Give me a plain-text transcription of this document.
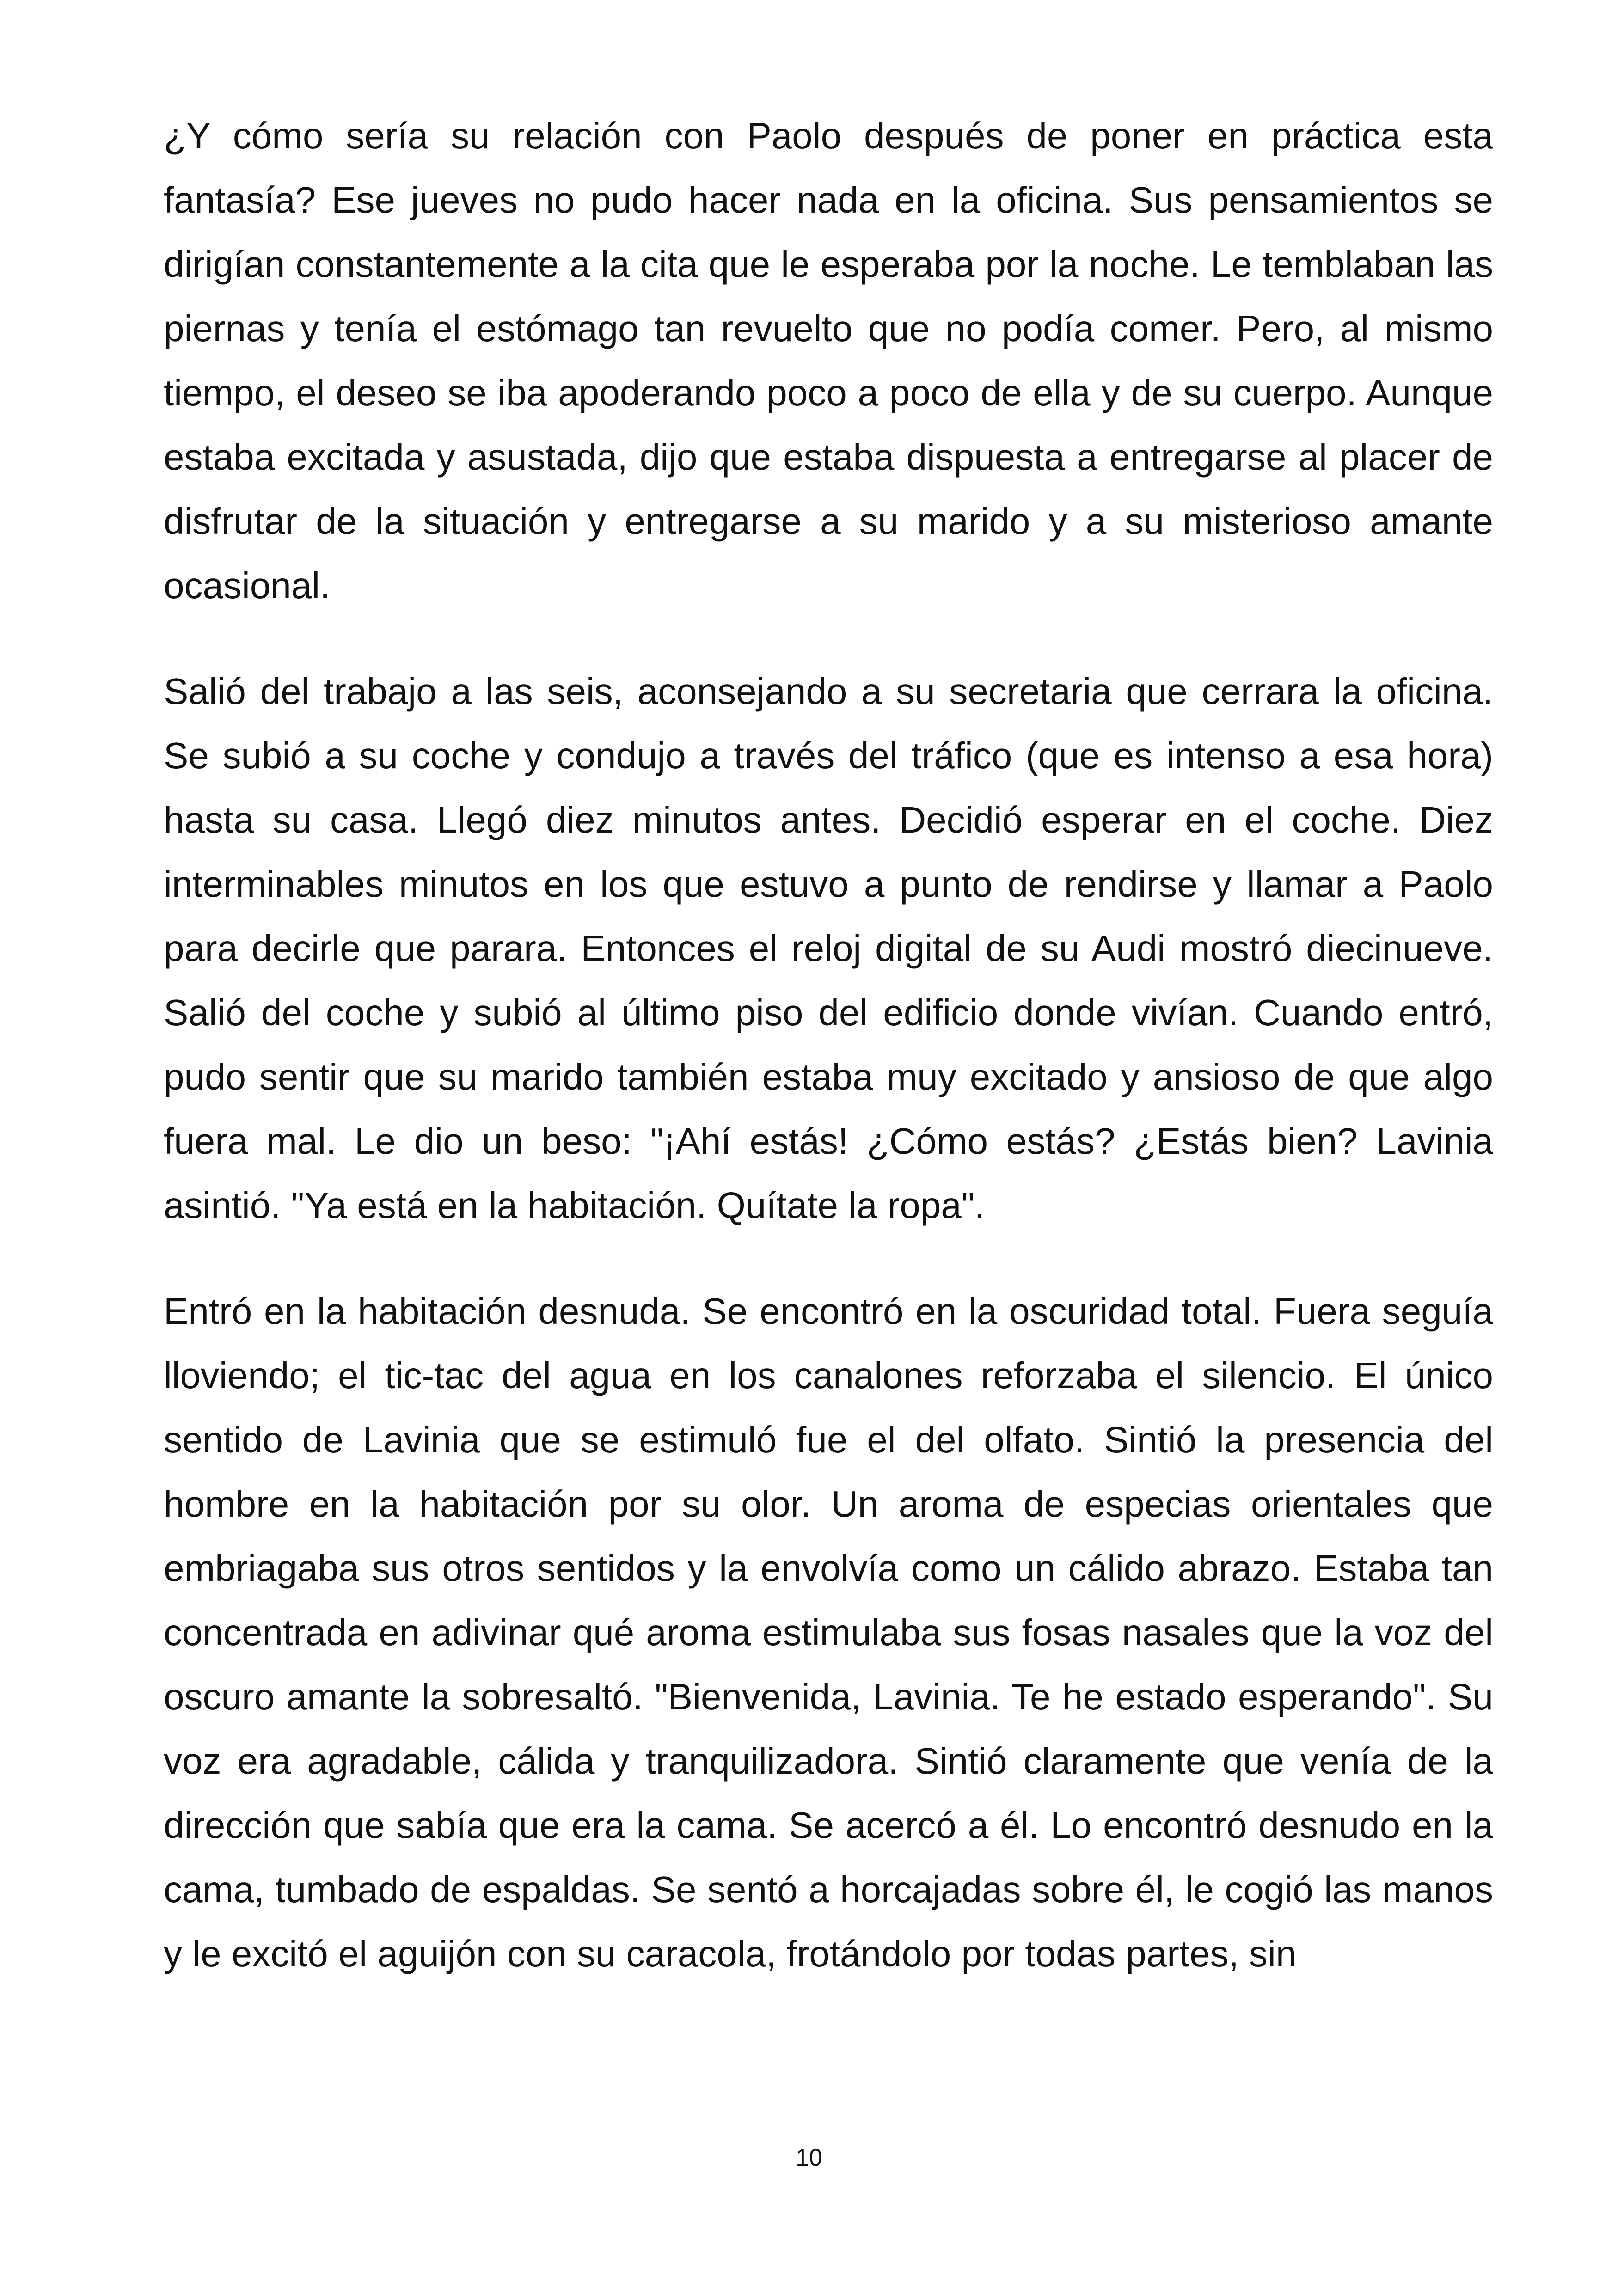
¿Y cómo sería su relación con Paolo después de poner en práctica esta fantasía? Ese jueves no pudo hacer nada en la oficina. Sus pensamientos se dirigían constantemente a la cita que le esperaba por la noche. Le temblaban las piernas y tenía el estómago tan revuelto que no podía comer. Pero, al mismo tiempo, el deseo se iba apoderando poco a poco de ella y de su cuerpo. Aunque estaba excitada y asustada, dijo que estaba dispuesta a entregarse al placer de disfrutar de la situación y entregarse a su marido y a su misterioso amante ocasional.

Salió del trabajo a las seis, aconsejando a su secretaria que cerrara la oficina. Se subió a su coche y condujo a través del tráfico (que es intenso a esa hora) hasta su casa. Llegó diez minutos antes. Decidió esperar en el coche. Diez interminables minutos en los que estuvo a punto de rendirse y llamar a Paolo para decirle que parara. Entonces el reloj digital de su Audi mostró diecinueve. Salió del coche y subió al último piso del edificio donde vivían. Cuando entró, pudo sentir que su marido también estaba muy excitado y ansioso de que algo fuera mal. Le dio un beso: "¡Ahí estás! ¿Cómo estás? ¿Estás bien? Lavinia asintió. "Ya está en la habitación. Quítate la ropa".

Entró en la habitación desnuda. Se encontró en la oscuridad total. Fuera seguía lloviendo; el tic-tac del agua en los canalones reforzaba el silencio. El único sentido de Lavinia que se estimuló fue el del olfato. Sintió la presencia del hombre en la habitación por su olor. Un aroma de especias orientales que embriagaba sus otros sentidos y la envolvía como un cálido abrazo. Estaba tan concentrada en adivinar qué aroma estimulaba sus fosas nasales que la voz del oscuro amante la sobresaltó. "Bienvenida, Lavinia. Te he estado esperando". Su voz era agradable, cálida y tranquilizadora. Sintió claramente que venía de la dirección que sabía que era la cama. Se acercó a él. Lo encontró desnudo en la cama, tumbado de espaldas. Se sentó a horcajadas sobre él, le cogió las manos y le excitó el aguijón con su caracola, frotándolo por todas partes, sin

10
